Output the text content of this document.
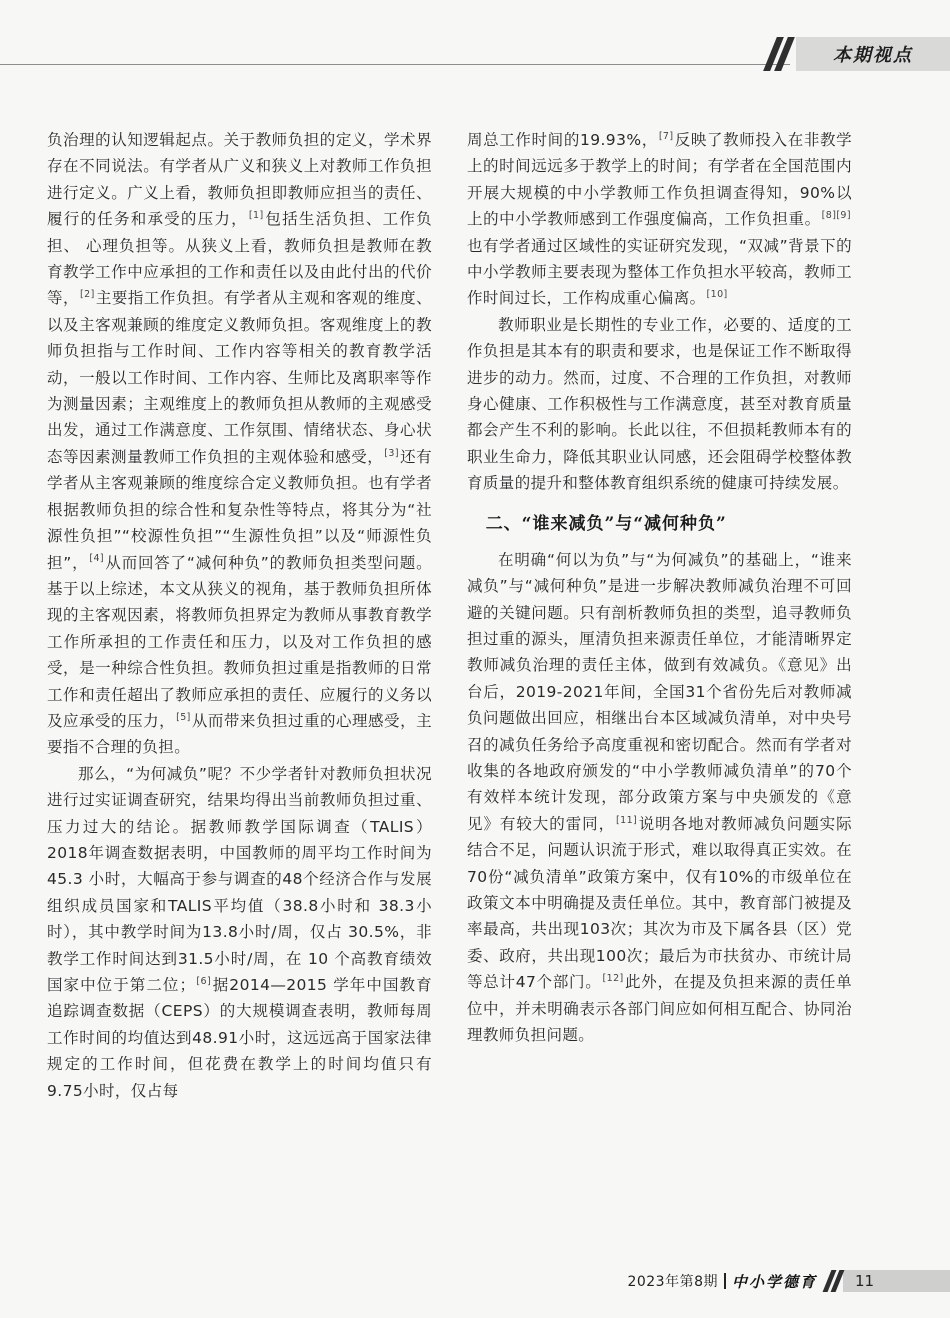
本期视点

负治理的认知逻辑起点。关于教师负担的定义，学术界存在不同说法。有学者从广义和狭义上对教师工作负担进行定义。广义上看，教师负担即教师应担当的责任、履行的任务和承受的压力，[1]包括生活负担、工作负担、 心理负担等。从狭义上看，教师负担是教师在教育教学工作中应承担的工作和责任以及由此付出的代价等，[2]主要指工作负担。有学者从主观和客观的维度、以及主客观兼顾的维度定义教师负担。客观维度上的教师负担指与工作时间、工作内容等相关的教育教学活动，一般以工作时间、工作内容、生师比及离职率等作为测量因素；主观维度上的教师负担从教师的主观感受出发，通过工作满意度、工作氛围、情绪状态、身心状态等因素测量教师工作负担的主观体验和感受，[3]还有学者从主客观兼顾的维度综合定义教师负担。也有学者根据教师负担的综合性和复杂性等特点，将其分为“社源性负担”“校源性负担”“生源性负担”以及“师源性负担”，[4]从而回答了“减何种负”的教师负担类型问题。基于以上综述，本文从狭义的视角，基于教师负担所体现的主客观因素，将教师负担界定为教师从事教育教学工作所承担的工作责任和压力，以及对工作负担的感受，是一种综合性负担。教师负担过重是指教师的日常工作和责任超出了教师应承担的责任、应履行的义务以及应承受的压力，[5]从而带来负担过重的心理感受，主要指不合理的负担。

那么，“为何减负”呢？不少学者针对教师负担状况进行过实证调查研究，结果均得出当前教师负担过重、压力过大的结论。据教师教学国际调查（TALIS）2018年调查数据表明，中国教师的周平均工作时间为 45.3 小时，大幅高于参与调查的48个经济合作与发展组织成员国家和TALIS平均值（38.8小时和 38.3小时），其中教学时间为13.8小时/周，仅占 30.5%，非教学工作时间达到31.5小时/周，在 10 个高教育绩效国家中位于第二位；[6]据2014—2015 学年中国教育追踪调查数据（CEPS）的大规模调查表明，教师每周工作时间的均值达到48.91小时，这远远高于国家法律规定的工作时间，但花费在教学上的时间均值只有9.75小时，仅占每

周总工作时间的19.93%，[7]反映了教师投入在非教学上的时间远远多于教学上的时间；有学者在全国范围内开展大规模的中小学教师工作负担调查得知，90%以上的中小学教师感到工作强度偏高，工作负担重。[8][9]也有学者通过区域性的实证研究发现，“双减”背景下的中小学教师主要表现为整体工作负担水平较高，教师工作时间过长，工作构成重心偏离。[10]

教师职业是长期性的专业工作，必要的、适度的工作负担是其本有的职责和要求，也是保证工作不断取得进步的动力。然而，过度、不合理的工作负担，对教师身心健康、工作积极性与工作满意度，甚至对教育质量都会产生不利的影响。长此以往，不但损耗教师本有的职业生命力，降低其职业认同感，还会阻碍学校整体教育质量的提升和整体教育组织系统的健康可持续发展。

二、“谁来减负”与“减何种负”

在明确“何以为负”与“为何减负”的基础上，“谁来减负”与“减何种负”是进一步解决教师减负治理不可回避的关键问题。只有剖析教师负担的类型，追寻教师负担过重的源头，厘清负担来源责任单位，才能清晰界定教师减负治理的责任主体，做到有效减负。《意见》出台后，2019-2021年间，全国31个省份先后对教师减负问题做出回应，相继出台本区域减负清单，对中央号召的减负任务给予高度重视和密切配合。然而有学者对收集的各地政府颁发的“中小学教师减负清单”的70个有效样本统计发现，部分政策方案与中央颁发的《意见》有较大的雷同，[11]说明各地对教师减负问题实际结合不足，问题认识流于形式，难以取得真正实效。在 70份“减负清单”政策方案中，仅有10%的市级单位在政策文本中明确提及责任单位。其中，教育部门被提及率最高，共出现103次；其次为市及下属各县（区）党委、政府，共出现100次；最后为市扶贫办、市统计局等总计47个部门。[12]此外，在提及负担来源的责任单位中，并未明确表示各部门间应如何相互配合、协同治理教师负担问题。

2023年第8期 中小学德育	11
